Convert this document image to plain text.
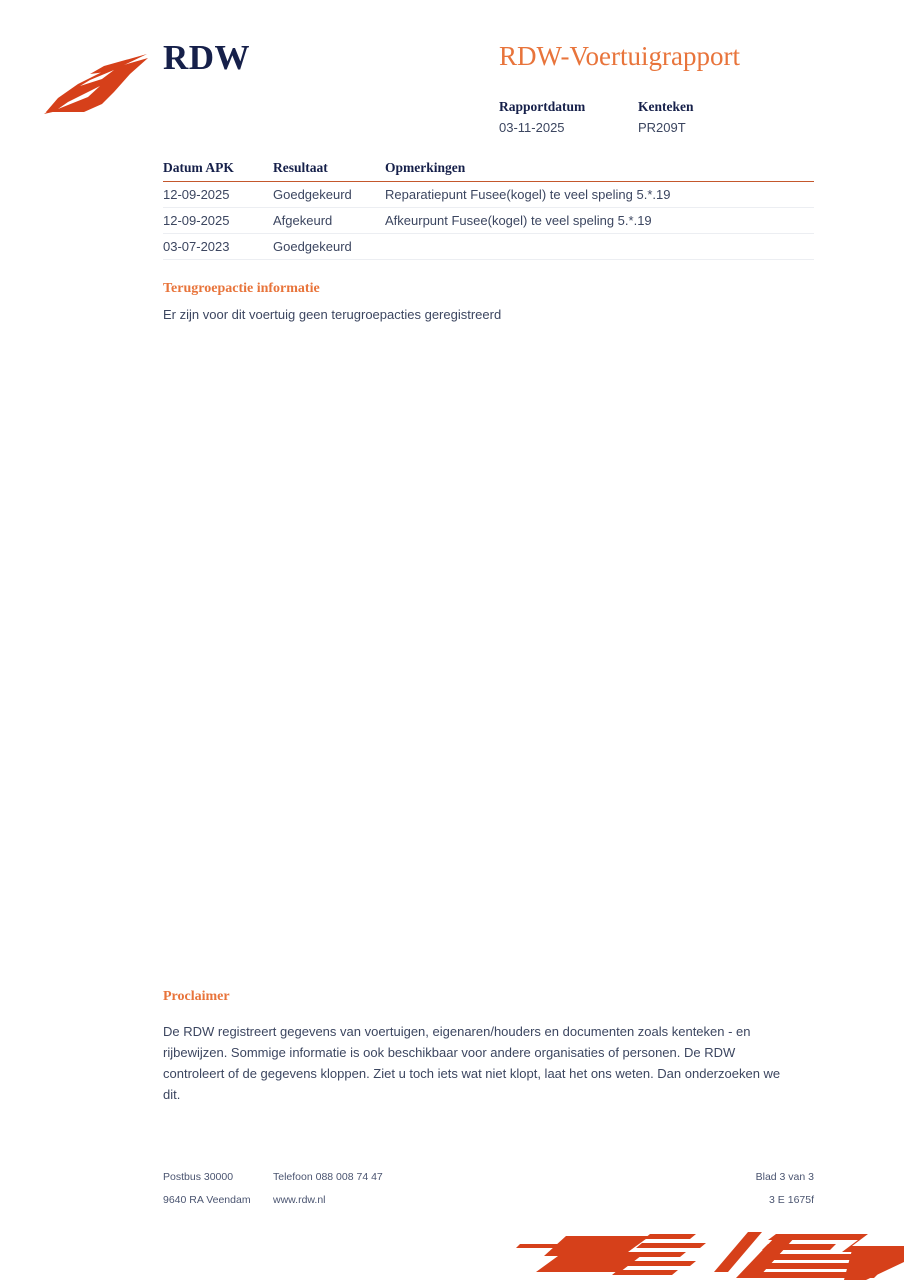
RDW	RDW-Voertuigrapport
Rapportdatum	Kenteken
03-11-2025	PR209T
Datum APK	Resultaat	Opmerkingen
12-09-2025	Goedgekeurd	Reparatiepunt Fusee(kogel) te veel speling 5.*.19
12-09-2025	Afgekeurd	Afkeurpunt Fusee(kogel) te veel speling 5.*.19
03-07-2023	Goedgekeurd
Terugroepactie informatie
Er zijn voor dit voertuig geen terugroepacties geregistreerd
Proclaimer
De RDW registreert gegevens van voertuigen, eigenaren/houders en documenten zoals kenteken - en rijbewijzen. Sommige informatie is ook beschikbaar voor andere organisaties of personen. De RDW controleert of de gegevens kloppen. Ziet u toch iets wat niet klopt, laat het ons weten. Dan onderzoeken we dit.
Postbus 30000	Telefoon 088 008 74 47	Blad 3 van 3
9640 RA Veendam www.rdw.nl	3 E 1675f
